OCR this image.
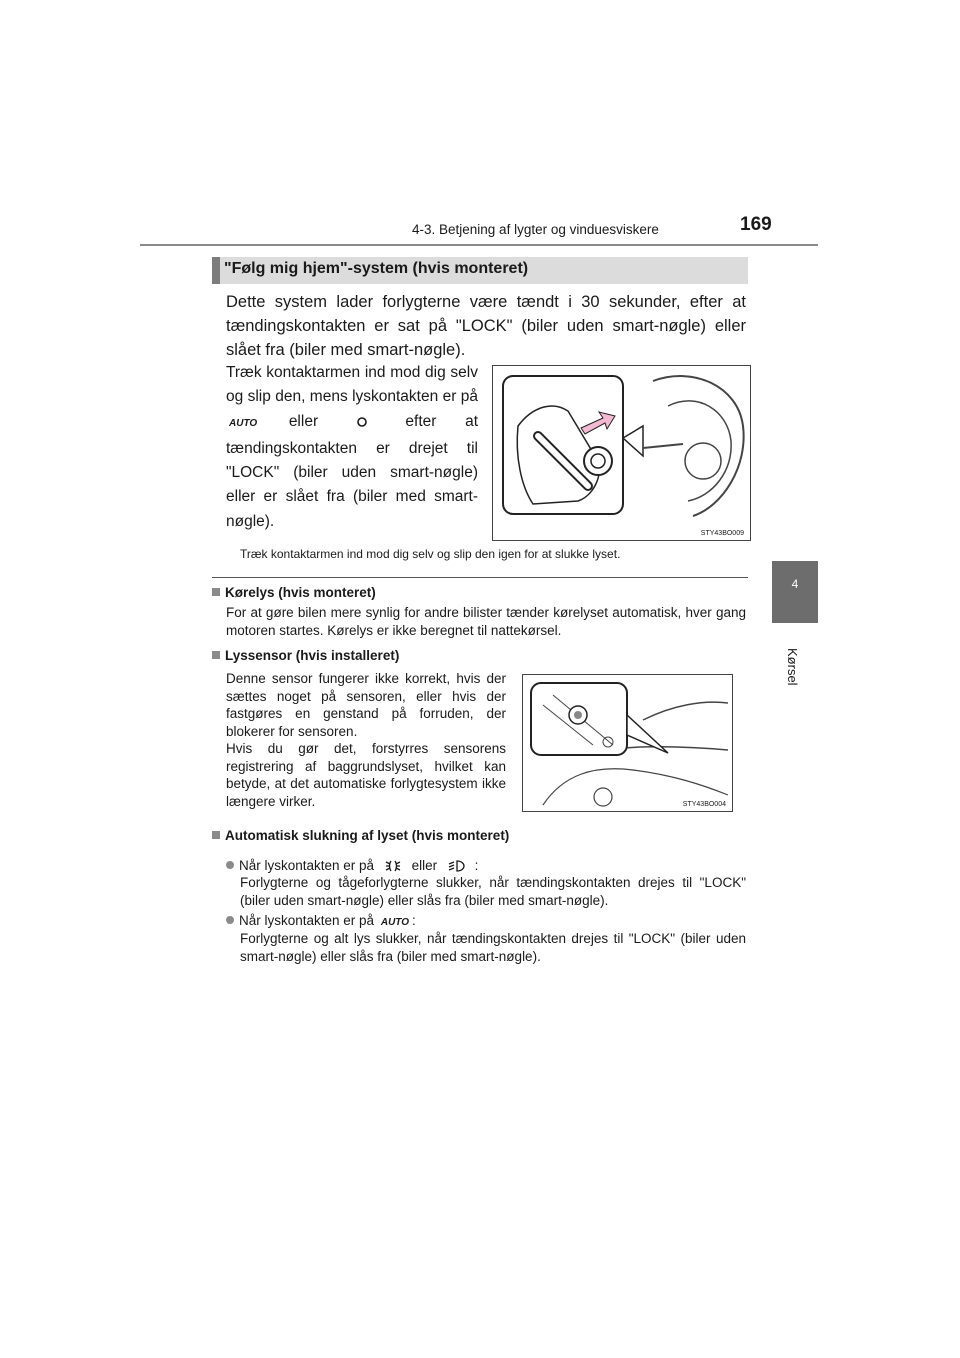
4-3. Betjening af lygter og vinduesviskere	169
4
Kørsel
"Følg mig hjem"-system (hvis monteret)
Dette system lader forlygterne være tændt i 30 sekunder, efter at tændingskontakten er sat på "LOCK" (biler uden smart-nøgle) eller slået fra (biler med smart-nøgle).
Træk kontaktarmen ind mod dig selv og slip den, mens lyskontakten er på AUTO eller	efter at tændingskontakten er drejet til "LOCK" (biler uden smart-nøgle) eller er slået fra (biler med smart-nøgle).
STY43BO009
Træk kontaktarmen ind mod dig selv og slip den igen for at slukke lyset.
Kørelys (hvis monteret)
For at gøre bilen mere synlig for andre bilister tænder kørelyset automatisk, hver gang motoren startes. Kørelys er ikke beregnet til nattekørsel.
Lyssensor (hvis installeret)
Denne sensor fungerer ikke korrekt, hvis der sættes noget på sensoren, eller hvis der fastgøres en genstand på forruden, der blokerer for sensoren.
Hvis du gør det, forstyrres sensorens registrering af baggrundslyset, hvilket kan betyde, at det automatiske forlygtesystem ikke længere virker.	STY43BO004
Automatisk slukning af lyset (hvis monteret)
Når lyskontakten er på	eller	:
Forlygterne og tågeforlygterne slukker, når tændingskontakten drejes til "LOCK" (biler uden smart-nøgle) eller slås fra (biler med smart-nøgle).
Når lyskontakten er på AUTO :
Forlygterne og alt lys slukker, når tændingskontakten drejes til "LOCK" (biler uden smart-nøgle) eller slås fra (biler med smart-nøgle).
